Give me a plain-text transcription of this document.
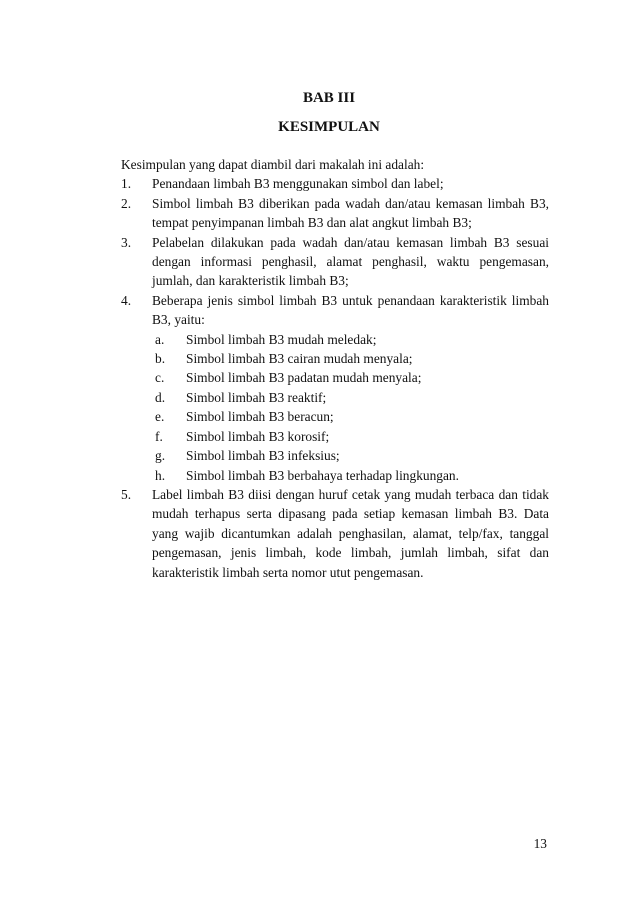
BAB III
KESIMPULAN

Kesimpulan yang dapat diambil dari makalah ini adalah:

1.	Penandaan limbah B3 menggunakan simbol dan label;
2.	Simbol limbah B3 diberikan pada wadah dan/atau kemasan limbah B3, tempat penyimpanan limbah B3 dan alat angkut limbah B3;
3.	Pelabelan dilakukan pada wadah dan/atau kemasan limbah B3 sesuai dengan informasi penghasil, alamat penghasil, waktu pengemasan, jumlah, dan karakteristik limbah B3;
4.	Beberapa jenis simbol limbah B3 untuk penandaan karakteristik limbah B3, yaitu:
a.	Simbol limbah B3 mudah meledak;
b.	Simbol limbah B3 cairan mudah menyala;
c.	Simbol limbah B3 padatan mudah menyala;
d.	Simbol limbah B3 reaktif;
e.	Simbol limbah B3 beracun;
f.	Simbol limbah B3 korosif;
g.	Simbol limbah B3 infeksius;
h.	Simbol limbah B3 berbahaya terhadap lingkungan.
5.	Label limbah B3 diisi dengan huruf cetak yang mudah terbaca dan tidak mudah terhapus serta dipasang pada setiap kemasan limbah B3. Data yang wajib dicantumkan adalah penghasilan, alamat, telp/fax, tanggal pengemasan, jenis limbah, kode limbah, jumlah limbah, sifat dan karakteristik limbah serta nomor utut pengemasan.
13
